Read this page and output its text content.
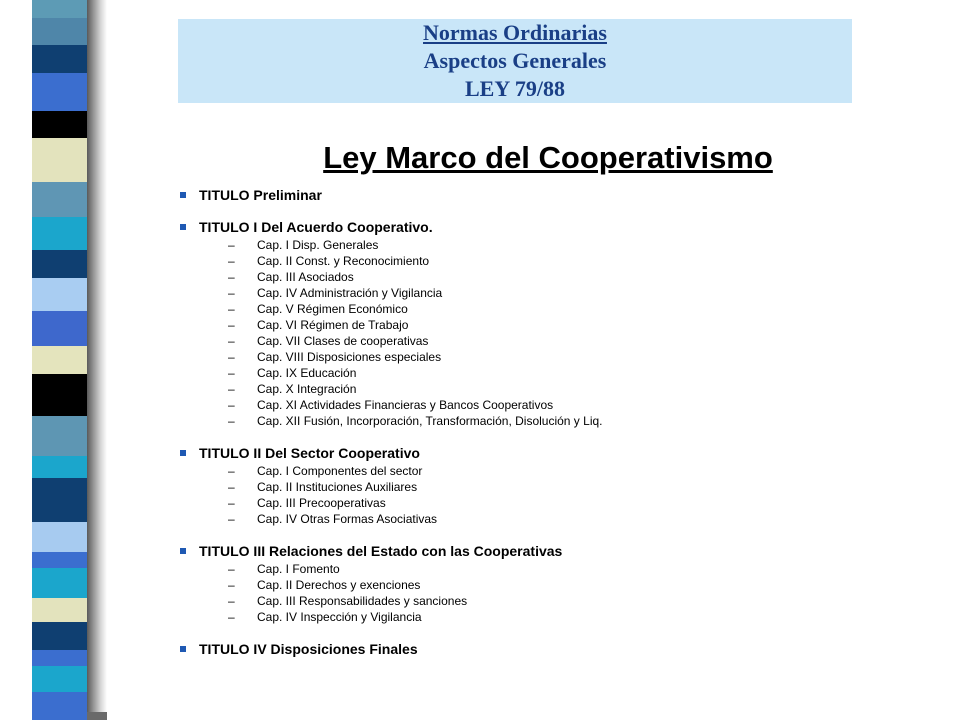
Normas Ordinarias
Aspectos Generales
LEY 79/88
Ley Marco del Cooperativismo
TITULO Preliminar
TITULO I Del Acuerdo Cooperativo.
– Cap. I Disp. Generales
– Cap. II Const. y Reconocimiento
– Cap. III Asociados
– Cap. IV Administración y Vigilancia
– Cap. V Régimen Económico
– Cap. VI Régimen de Trabajo
– Cap. VII Clases de cooperativas
– Cap. VIII Disposiciones especiales
– Cap. IX Educación
– Cap. X Integración
– Cap. XI Actividades Financieras y Bancos Cooperativos
– Cap. XII Fusión, Incorporación, Transformación, Disolución y Liq.
TITULO II Del Sector Cooperativo
– Cap. I Componentes del sector
– Cap. II Instituciones Auxiliares
– Cap. III Precooperativas
– Cap. IV Otras Formas Asociativas
TITULO III Relaciones del Estado con las Cooperativas
– Cap. I Fomento
– Cap. II Derechos y exenciones
– Cap. III Responsabilidades y sanciones
– Cap. IV Inspección y Vigilancia
TITULO IV Disposiciones Finales
